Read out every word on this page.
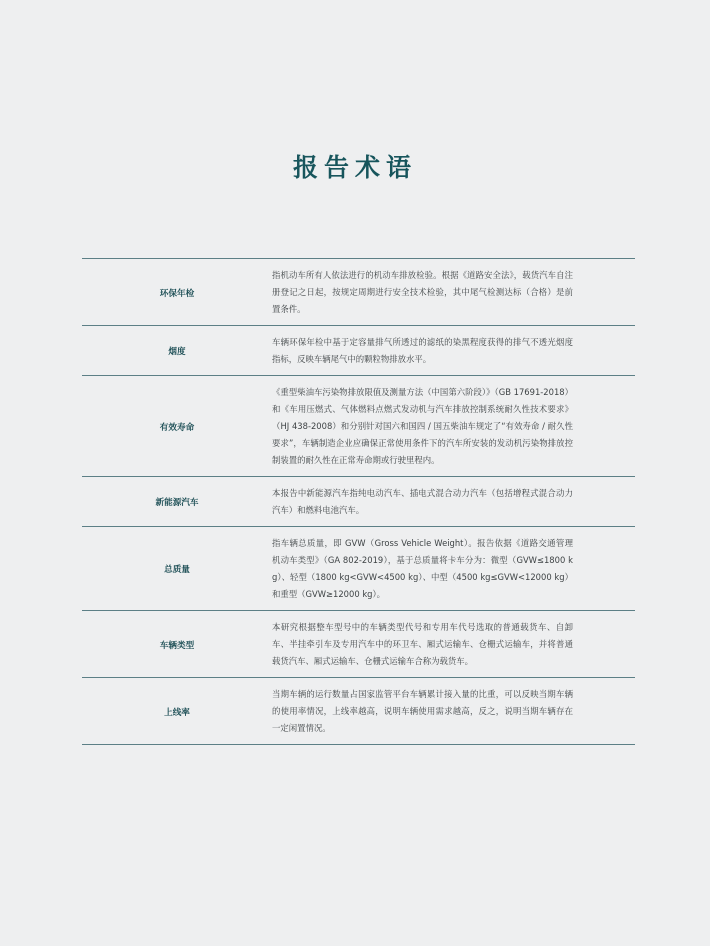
报告术语
环保年检
指机动车所有人依法进行的机动车排放检验。根据《道路安全法》，载货汽车自注册登记之日起，按规定周期进行安全技术检验，其中尾气检测达标（合格）是前置条件。
烟度
车辆环保年检中基于定容量排气所透过的滤纸的染黑程度获得的排气不透光烟度指标，反映车辆尾气中的颗粒物排放水平。
有效寿命
《重型柴油车污染物排放限值及测量方法（中国第六阶段）》（GB 17691-2018）和《车用压燃式、气体燃料点燃式发动机与汽车排放控制系统耐久性技术要求》（HJ 438-2008）和分别针对国六和国四 / 国五柴油车规定了“有效寿命 / 耐久性要求”，车辆制造企业应确保正常使用条件下的汽车所安装的发动机污染物排放控制装置的耐久性在正常寿命期或行驶里程内。
新能源汽车
本报告中新能源汽车指纯电动汽车、插电式混合动力汽车（包括增程式混合动力汽车）和燃料电池汽车。
总质量
指车辆总质量，即 GVW（Gross Vehicle Weight）。报告依据《道路交通管理 机动车类型》（GA 802-2019），基于总质量将卡车分为：微型（GVW≤1800 kg）、轻型（1800 kg<GVW<4500 kg）、中型（4500 kg≤GVW<12000 kg）和重型（GVW≥12000 kg）。
车辆类型
本研究根据整车型号中的车辆类型代号和专用车代号选取的普通载货车、自卸车、半挂牵引车及专用汽车中的环卫车、厢式运输车、仓栅式运输车，并将普通载货汽车、厢式运输车、仓栅式运输车合称为载货车。
上线率
当期车辆的运行数量占国家监管平台车辆累计接入量的比重，可以反映当期车辆的使用率情况，上线率越高，说明车辆使用需求越高，反之，说明当期车辆存在一定闲置情况。
